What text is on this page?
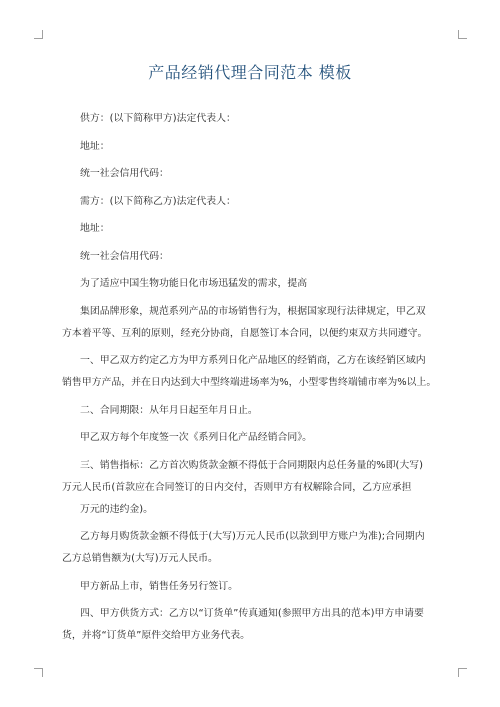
产品经销代理合同范本 模板
供方：(以下简称甲方)法定代表人：
地址：
统一社会信用代码：
需方：(以下简称乙方)法定代表人：
地址：
统一社会信用代码：
为了适应中国生物功能日化市场迅猛发的需求，提高
集团品牌形象，规范系列产品的市场销售行为，根据国家现行法律规定，甲乙双
方本着平等、互利的原则，经充分协商，自愿签订本合同，以便约束双方共同遵守。
一、甲乙双方约定乙方为甲方系列日化产品地区的经销商，乙方在该经销区域内
销售甲方产品，并在日内达到大中型终端进场率为%，小型零售终端铺市率为%以上。
二、合同期限：从年月日起至年月日止。
甲乙双方每个年度签一次《系列日化产品经销合同》。
三、销售指标：乙方首次购货款金额不得低于合同期限内总任务量的%即(大写)
万元人民币(首款应在合同签订的日内交付，否则甲方有权解除合同，乙方应承担
万元的违约金)。
乙方每月购货款金额不得低于(大写)万元人民币(以款到甲方账户为准);合同期内
乙方总销售额为(大写)万元人民币。
甲方新品上市，销售任务另行签订。
四、甲方供货方式：乙方以“订货单”传真通知(参照甲方出具的范本)甲方申请要
货，并将“订货单”原件交给甲方业务代表。
